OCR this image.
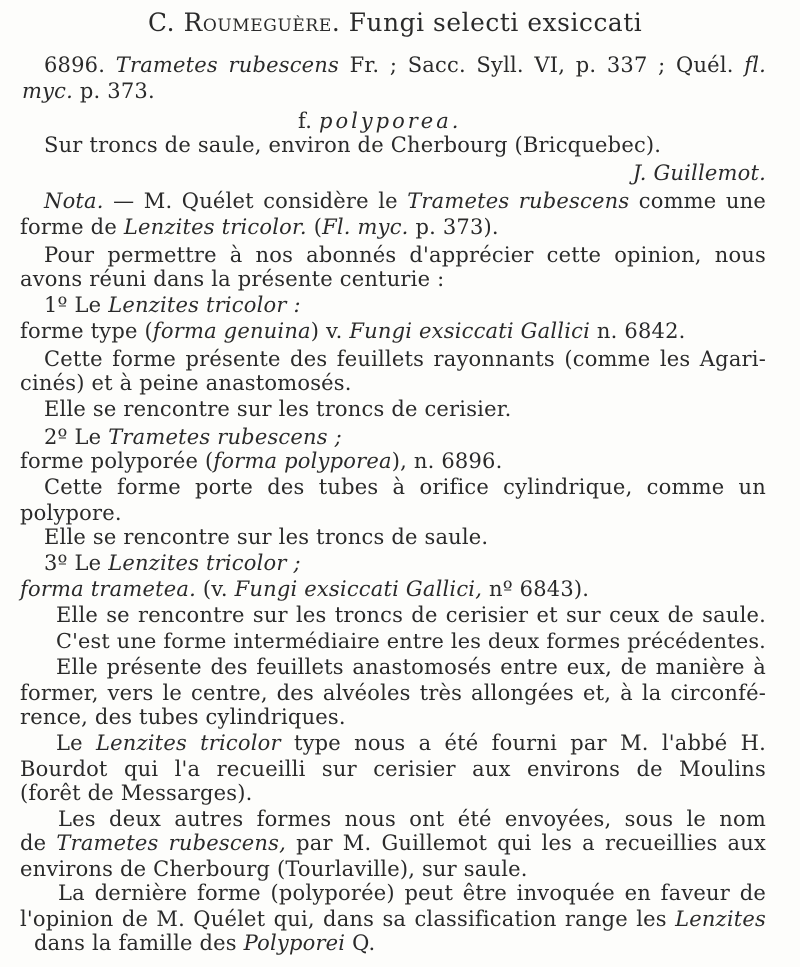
C. Roumeguère. Fungi selecti exsiccati
6896. Trametes rubescens Fr. ; Sacc. Syll. VI, p. 337 ; Quél. fl.
myc. p. 373.
f. polyporea.
Sur troncs de saule, environ de Cherbourg (Bricquebec).
J. Guillemot.
Nota. — M. Quélet considère le Trametes rubescens comme une
forme de Lenzites tricolor. (Fl. myc. p. 373).
Pour permettre à nos abonnés d'apprécier cette opinion, nous
avons réuni dans la présente centurie :
1º Le Lenzites tricolor :
forme type (forma genuina) v. Fungi exsiccati Gallici n. 6842.
Cette forme présente des feuillets rayonnants (comme les Agari-
cinés) et à peine anastomosés.
Elle se rencontre sur les troncs de cerisier.
2º Le Trametes rubescens ;
forme polyporée (forma polyporea), n. 6896.
Cette forme porte des tubes à orifice cylindrique, comme un
polypore.
Elle se rencontre sur les troncs de saule.
3º Le Lenzites tricolor ;
forma trametea. (v. Fungi exsiccati Gallici, nº 6843).
Elle se rencontre sur les troncs de cerisier et sur ceux de saule.
C'est une forme intermédiaire entre les deux formes précédentes.
Elle présente des feuillets anastomosés entre eux, de manière à
former, vers le centre, des alvéoles très allongées et, à la circonfé-
rence, des tubes cylindriques.
Le Lenzites tricolor type nous a été fourni par M. l'abbé H.
Bourdot qui l'a recueilli sur cerisier aux environs de Moulins
(forêt de Messarges).
Les deux autres formes nous ont été envoyées, sous le nom
de Trametes rubescens, par M. Guillemot qui les a recueillies aux
environs de Cherbourg (Tourlaville), sur saule.
La dernière forme (polyporée) peut être invoquée en faveur de
l'opinion de M. Quélet qui, dans sa classification range les Lenzites
dans la famille des Polyporei Q.
